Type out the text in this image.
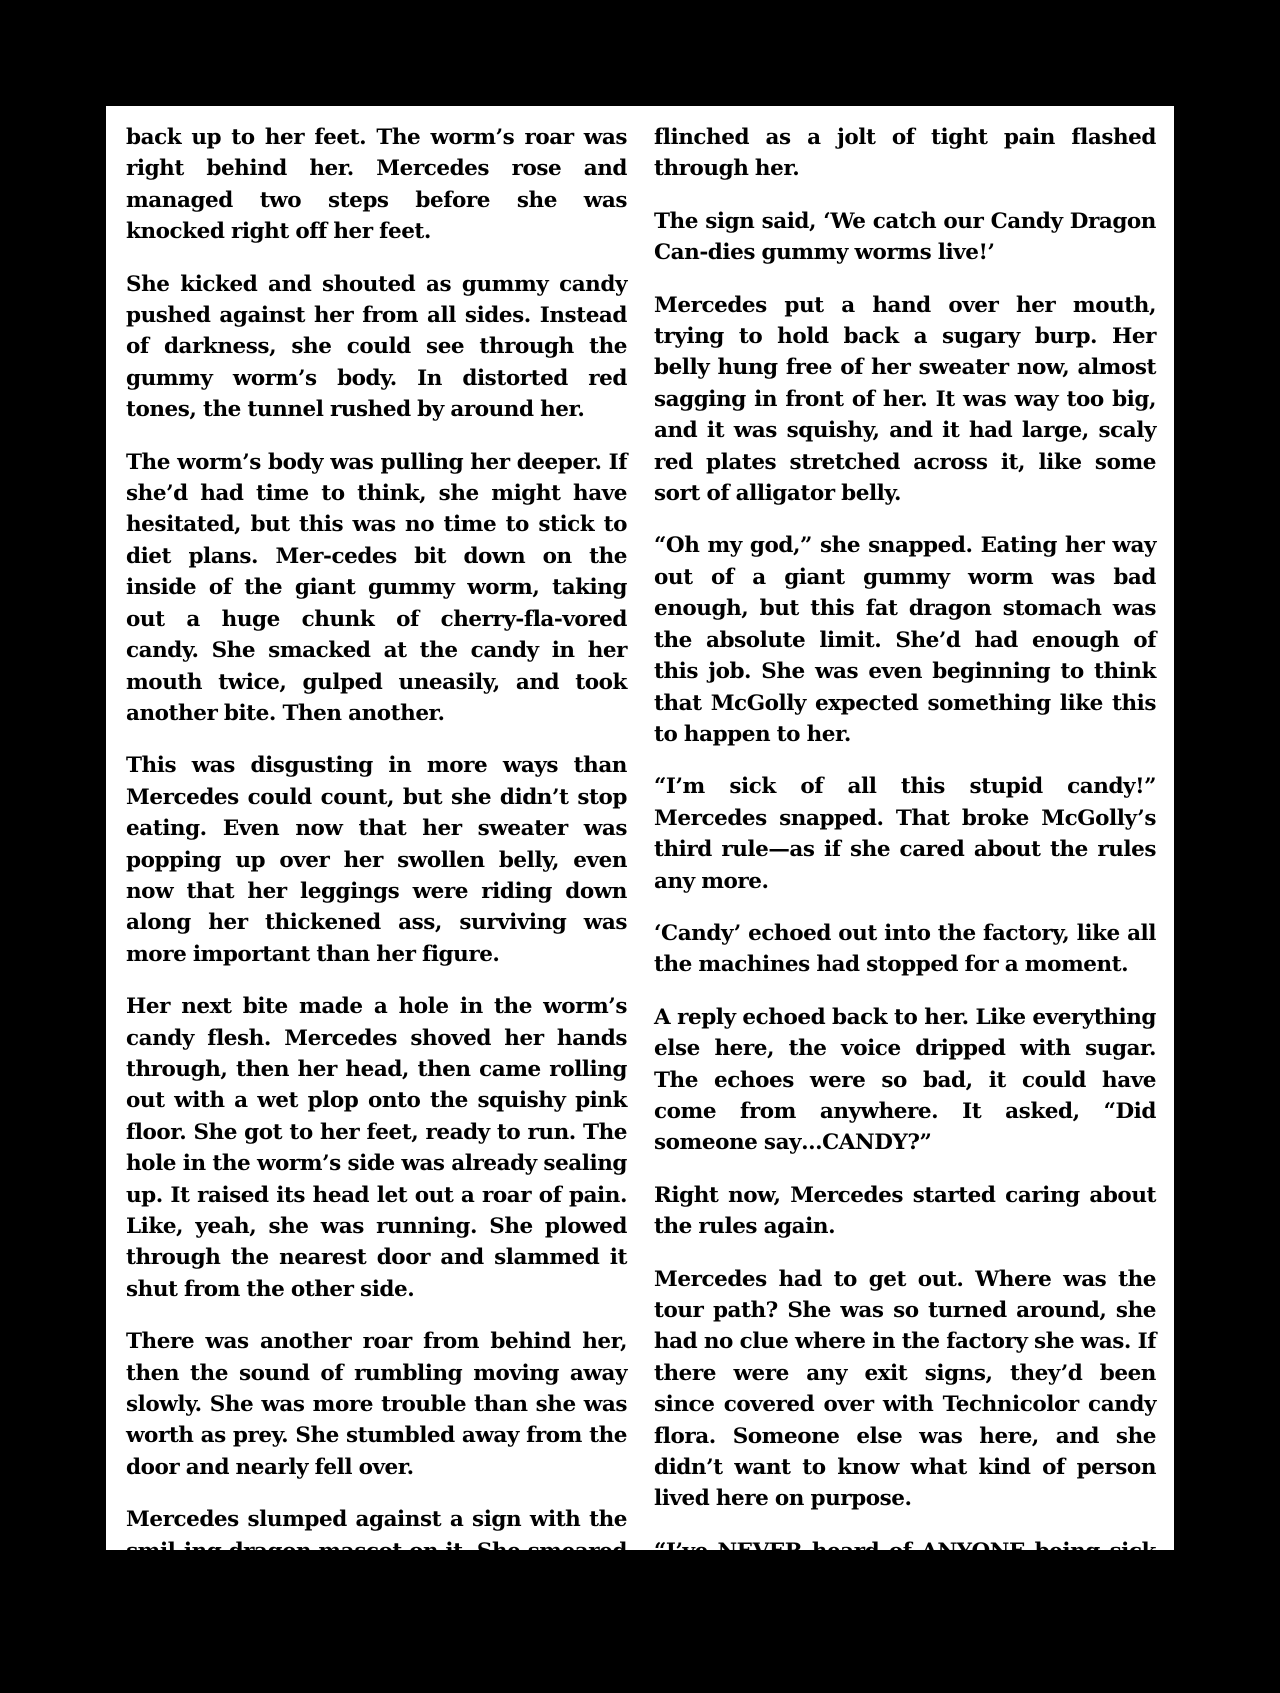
back up to her feet. The worm’s roar was right behind her. Mercedes rose and managed two steps before she was knocked right off her feet.

She kicked and shouted as gummy candy pushed against her from all sides. Instead of darkness, she could see through the gummy worm’s body. In distorted red tones, the tunnel rushed by around her.

The worm’s body was pulling her deeper. If she’d had time to think, she might have hesitated, but this was no time to stick to diet plans. Mer-cedes bit down on the inside of the giant gummy worm, taking out a huge chunk of cherry-fla-vored candy. She smacked at the candy in her mouth twice, gulped uneasily, and took another bite. Then another.

This was disgusting in more ways than Mercedes could count, but she didn’t stop eating. Even now that her sweater was popping up over her swollen belly, even now that her leggings were riding down along her thickened ass, surviving was more important than her figure.

Her next bite made a hole in the worm’s candy flesh. Mercedes shoved her hands through, then her head, then came rolling out with a wet plop onto the squishy pink floor. She got to her feet, ready to run. The hole in the worm’s side was already sealing up. It raised its head let out a roar of pain. Like, yeah, she was running. She plowed through the nearest door and slammed it shut from the other side.

There was another roar from behind her, then the sound of rumbling moving away slowly. She was more trouble than she was worth as prey. She stumbled away from the door and nearly fell over.

Mercedes slumped against a sign with the smil-ing dragon mascot on it. She smeared sugary syrup, now mixed with cherry flavoring from the worm’s belly, across its face. Inadvertent-ly, she put pressure on her stomach. Mercedes

flinched as a jolt of tight pain flashed through her.

The sign said, ‘We catch our Candy Dragon Can-dies gummy worms live!’

Mercedes put a hand over her mouth, trying to hold back a sugary burp. Her belly hung free of her sweater now, almost sagging in front of her. It was way too big, and it was squishy, and it had large, scaly red plates stretched across it, like some sort of alligator belly.

“Oh my god,” she snapped. Eating her way out of a giant gummy worm was bad enough, but this fat dragon stomach was the absolute limit. She’d had enough of this job. She was even beginning to think that McGolly expected something like this to happen to her.

“I’m sick of all this stupid candy!” Mercedes snapped. That broke McGolly’s third rule—as if she cared about the rules any more.

‘Candy’ echoed out into the factory, like all the machines had stopped for a moment.

A reply echoed back to her. Like everything else here, the voice dripped with sugar. The echoes were so bad, it could have come from anywhere. It asked, “Did someone say…CANDY?”

Right now, Mercedes started caring about the rules again.

Mercedes had to get out. Where was the tour path? She was so turned around, she had no clue where in the factory she was. If there were any exit signs, they’d been since covered over with Technicolor candy flora. Someone else was here, and she didn’t want to know what kind of person lived here on purpose.

“I’ve NEVER heard of ANYONE being sick of CANDY,” the voice said. Maybe it was a record-ing? If so, how was it responding to her? And how was it getting closer?
